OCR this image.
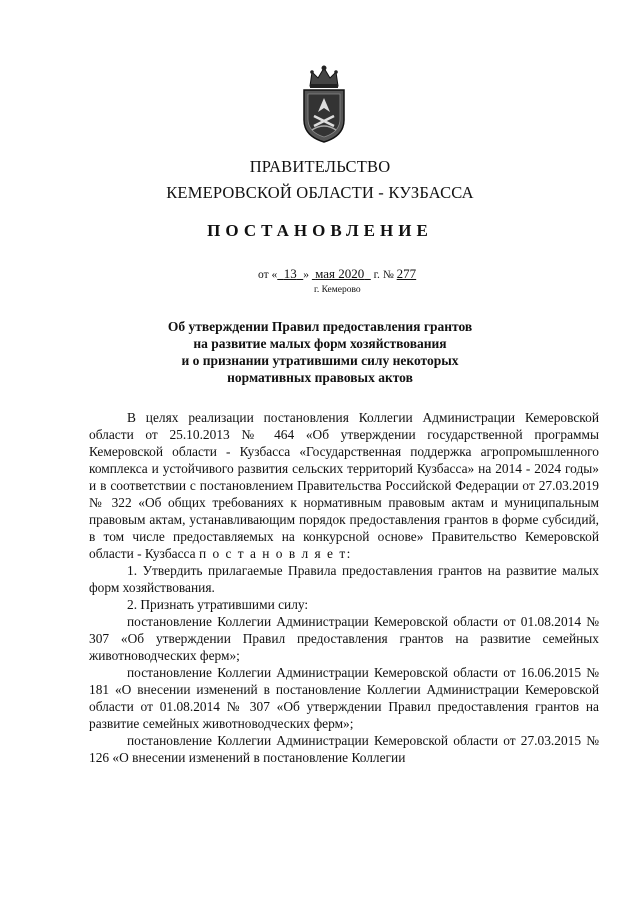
ПРАВИТЕЛЬСТВО
КЕМЕРОВСКОЙ ОБЛАСТИ - КУЗБАССА
ПОСТАНОВЛЕНИЕ
от « 13 » мая 2020 г. № 277
г. Кемерово
Об утверждении Правил предоставления грантов
на развитие малых форм хозяйствования
и о признании утратившими силу некоторых
нормативных правовых актов

В целях реализации постановления Коллегии Администрации Кемеровской области от 25.10.2013 № 464 «Об утверждении государственной программы Кемеровской области - Кузбасса «Государственная поддержка агропромышленного комплекса и устойчивого развития сельских территорий Кузбасса» на 2014 - 2024 годы» и в соответствии с постановлением Правительства Российской Федерации от 27.03.2019 № 322 «Об общих требованиях к нормативным правовым актам и муниципальным правовым актам, устанавливающим порядок предоставления грантов в форме субсидий, в том числе предоставляемых на конкурсной основе» Правительство Кемеровской области - Кузбасса п о с т а н о в л я е т:

1. Утвердить прилагаемые Правила предоставления грантов на развитие малых форм хозяйствования.

2. Признать утратившими силу:

постановление Коллегии Администрации Кемеровской области от 01.08.2014 № 307 «Об утверждении Правил предоставления грантов на развитие семейных животноводческих ферм»;

постановление Коллегии Администрации Кемеровской области от 16.06.2015 № 181 «О внесении изменений в постановление Коллегии Администрации Кемеровской области от 01.08.2014 № 307 «Об утверждении Правил предоставления грантов на развитие семейных животноводческих ферм»;

постановление Коллегии Администрации Кемеровской области от 27.03.2015 № 126 «О внесении изменений в постановление Коллегии
